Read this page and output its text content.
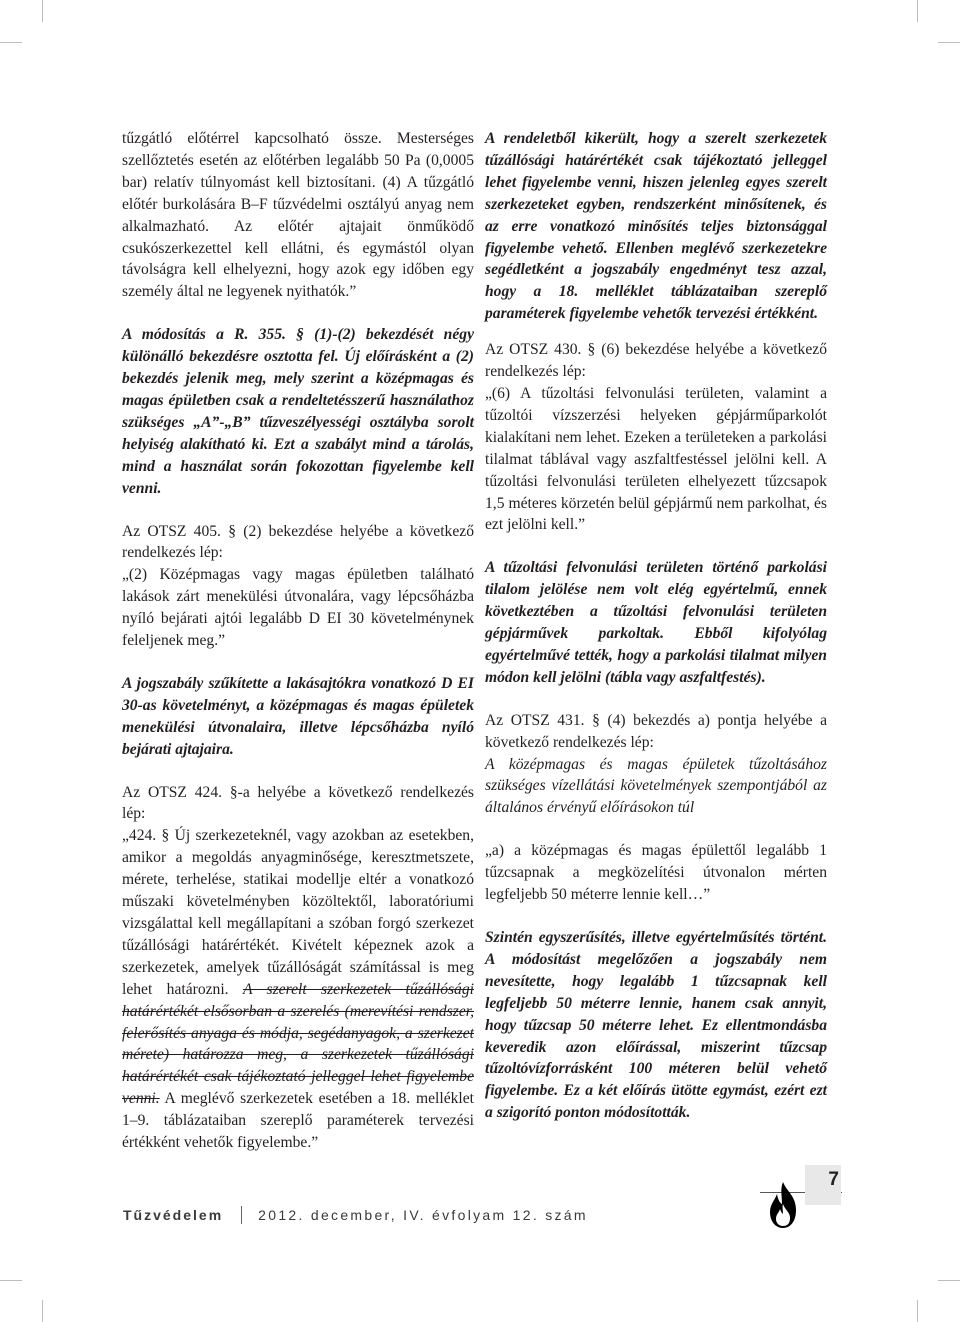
tűzgátló előtérrel kapcsolható össze. Mesterséges szellőztetés esetén az előtérben legalább 50 Pa (0,0005 bar) relatív túlnyomást kell biztosítani. (4) A tűzgátló előtér burkolására B–F tűzvédelmi osztályú anyag nem alkalmazható. Az előtér ajtajait önműködő csukószerkezettel kell ellátni, és egymástól olyan távolságra kell elhelyezni, hogy azok egy időben egy személy által ne legyenek nyithatók.”

A módosítás a R. 355. § (1)-(2) bekezdését négy különálló bekezdésre osztotta fel. Új előírásként a (2) bekezdés jelenik meg, mely szerint a középmagas és magas épületben csak a rendeltetésszerű használathoz szükséges „A”-„B” tűzveszélyességi osztályba sorolt helyiség alakítható ki. Ezt a szabályt mind a tárolás, mind a használat során fokozottan figyelembe kell venni.

Az OTSZ 405. § (2) bekezdése helyébe a következő rendelkezés lép:

„(2) Középmagas vagy magas épületben található lakások zárt menekülési útvonalára, vagy lépcsőházba nyíló bejárati ajtói legalább D EI 30 követelménynek feleljenek meg.”

A jogszabály szűkítette a lakásajtókra vonatkozó D EI 30-as követelményt, a középmagas és magas épületek menekülési útvonalaira, illetve lépcsőházba nyíló bejárati ajtajaira.

Az OTSZ 424. §-a helyébe a következő rendelkezés lép:

„424. § Új szerkezeteknél, vagy azokban az esetekben, amikor a megoldás anyagminősége, keresztmetszete, mérete, terhelése, statikai modellje eltér a vonatkozó műszaki követelményben közöltektől, laboratóriumi vizsgálattal kell megállapítani a szóban forgó szerkezet tűzállósági határértékét. Kivételt képeznek azok a szerkezetek, amelyek tűzállóságát számítással is meg lehet határozni. A szerelt szerkezetek tűzállósági határértékét elsősorban a szerelés (merevítési rendszer, felerősítés anyaga és módja, segédanyagok, a szerkezet mérete) határozza meg, a szerkezetek tűzállósági határértékét csak tájékoztató jelleggel lehet figyelembe venni. A meglévő szerkezetek esetében a 18. melléklet 1–9. táblázataiban szereplő paraméterek tervezési értékként vehetők figyelembe.”

A rendeletből kikerült, hogy a szerelt szerkezetek tűzállósági határértékét csak tájékoztató jelleggel lehet figyelembe venni, hiszen jelenleg egyes szerelt szerkezeteket egyben, rendszerként minősítenek, és az erre vonatkozó minősítés teljes biztonsággal figyelembe vehető. Ellenben meglévő szerkezetekre segédletként a jogszabály engedményt tesz azzal, hogy a 18. melléklet táblázataiban szereplő paraméterek figyelembe vehetők tervezési értékként.

Az OTSZ 430. § (6) bekezdése helyébe a következő rendelkezés lép:

„(6) A tűzoltási felvonulási területen, valamint a tűzoltói vízszerzési helyeken gépjárműparkolót kialakítani nem lehet. Ezeken a területeken a parkolási tilalmat táblával vagy aszfaltfestéssel jelölni kell. A tűzoltási felvonulási területen elhelyezett tűzcsapok 1,5 méteres körzetén belül gépjármű nem parkolhat, és ezt jelölni kell.”

A tűzoltási felvonulási területen történő parkolási tilalom jelölése nem volt elég egyértelmű, ennek következtében a tűzoltási felvonulási területen gépjárművek parkoltak. Ebből kifolyólag egyértelművé tették, hogy a parkolási tilalmat milyen módon kell jelölni (tábla vagy aszfaltfestés).

Az OTSZ 431. § (4) bekezdés a) pontja helyébe a következő rendelkezés lép:

A középmagas és magas épületek tűzoltásához szükséges vízellátási követelmények szempontjából az általános érvényű előírásokon túl

„a) a középmagas és magas épülettől legalább 1 tűzcsapnak a megközelítési útvonalon mérten legfeljebb 50 méterre lennie kell…”

Szintén egyszerűsítés, illetve egyértelműsítés történt. A módosítást megelőzően a jogszabály nem nevesítette, hogy legalább 1 tűzcsapnak kell legfeljebb 50 méterre lennie, hanem csak annyit, hogy tűzcsap 50 méterre lehet. Ez ellentmondásba keveredik azon előírással, miszerint tűzcsap tűzoltóvízforrásként 100 méteren belül vehető figyelembe. Ez a két előírás ütötte egymást, ezért ezt a szigorító ponton módosították.

7
Tűzvédelem	2012. december, IV. évfolyam 12. szám
